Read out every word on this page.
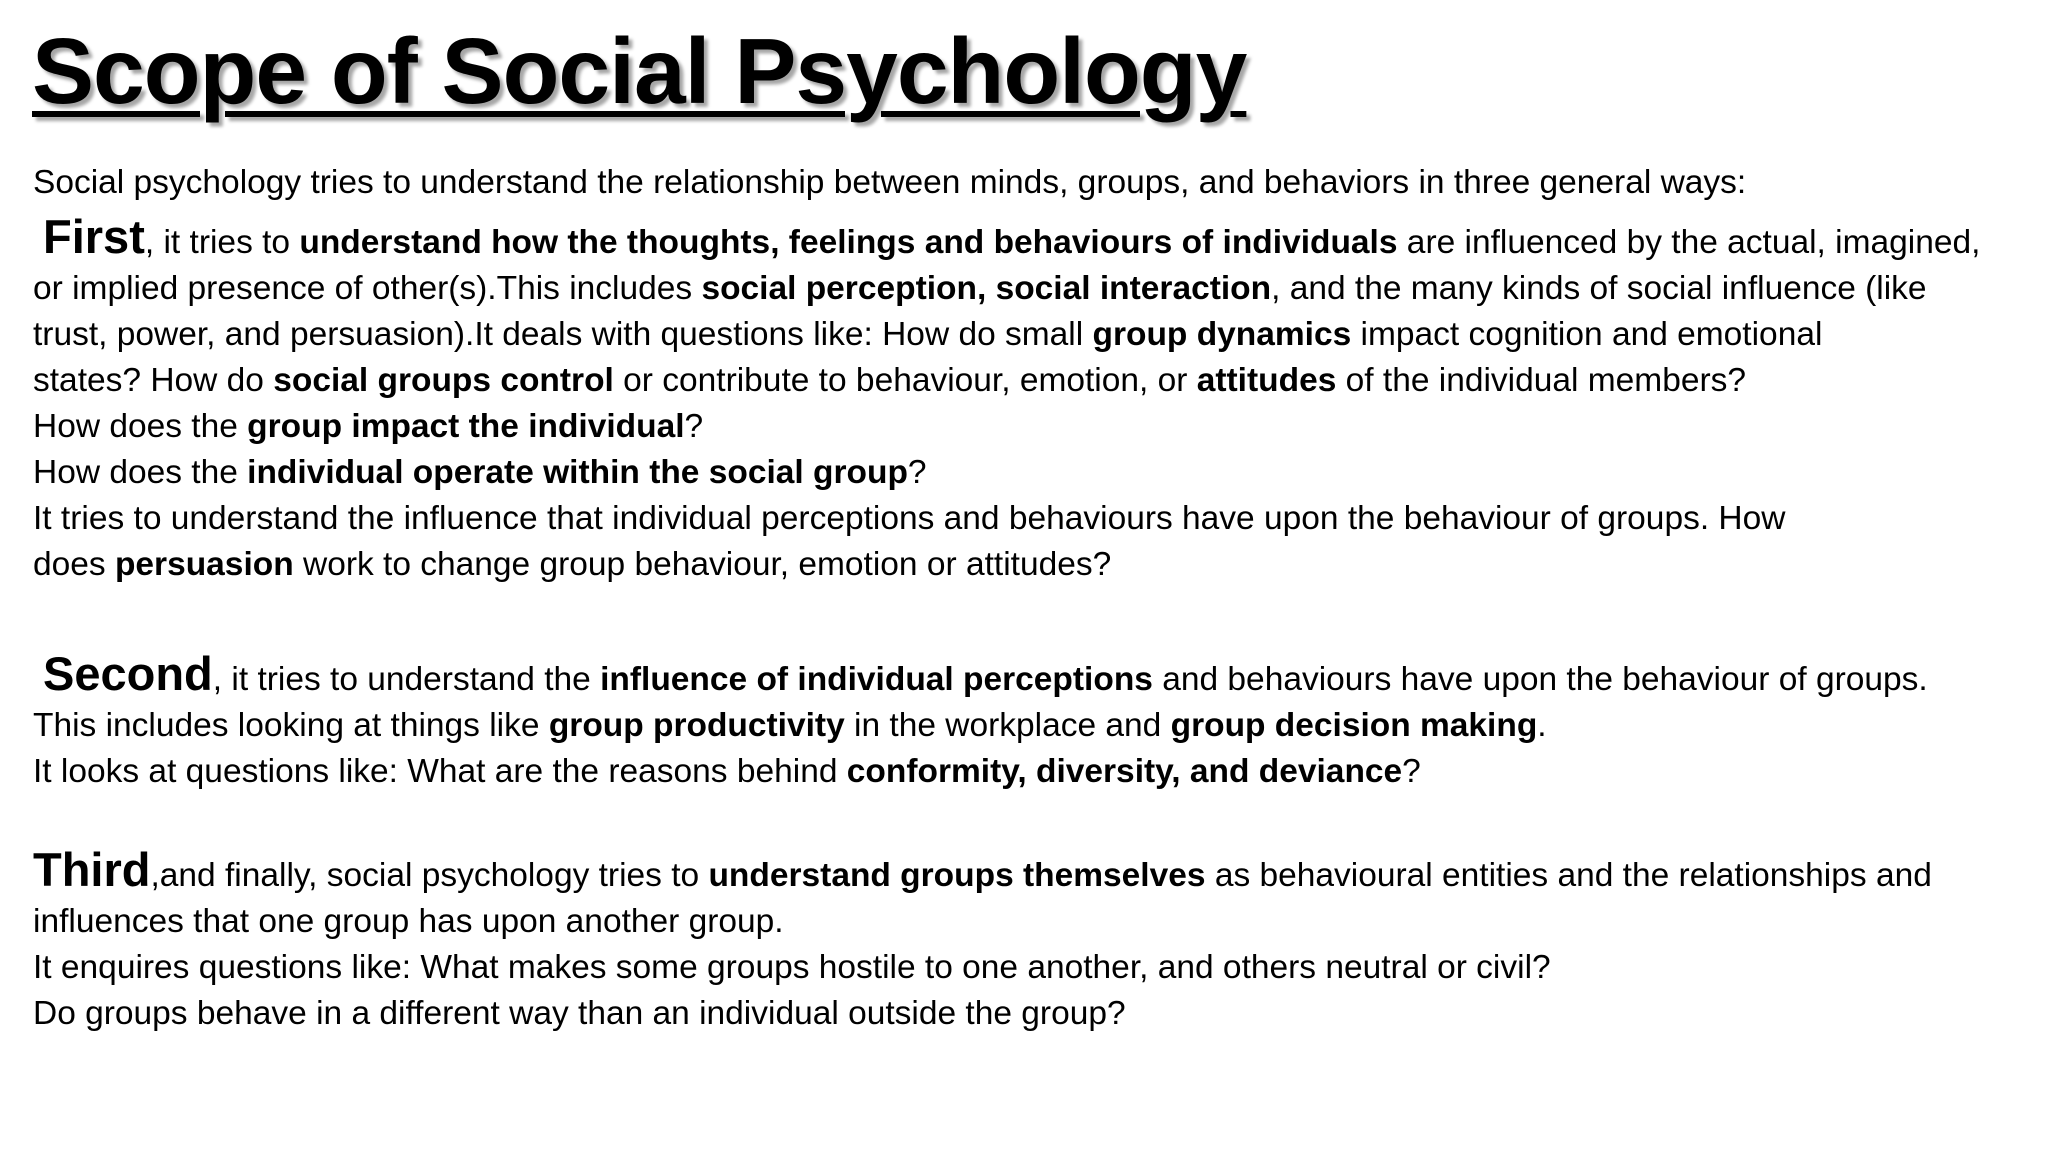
Scope of Social Psychology
Social psychology tries to understand the relationship between minds, groups, and behaviors in three general ways:
First, it tries to understand how the thoughts, feelings and behaviours of individuals are influenced by the actual, imagined,
or implied presence of other(s).This includes social perception, social interaction, and the many kinds of social influence (like
trust, power, and persuasion).It deals with questions like: How do small group dynamics impact cognition and emotional
states? How do social groups control or contribute to behaviour, emotion, or attitudes of the individual members?
How does the group impact the individual?
How does the individual operate within the social group?
It tries to understand the influence that individual perceptions and behaviours have upon the behaviour of groups. How
does persuasion work to change group behaviour, emotion or attitudes?
Second, it tries to understand the influence of individual perceptions and behaviours have upon the behaviour of groups.
This includes looking at things like group productivity in the workplace and group decision making.
It looks at questions like: What are the reasons behind conformity, diversity, and deviance?
Third,and finally, social psychology tries to understand groups themselves as behavioural entities and the relationships and
influences that one group has upon another group.
It enquires questions like: What makes some groups hostile to one another, and others neutral or civil?
Do groups behave in a different way than an individual outside the group?
